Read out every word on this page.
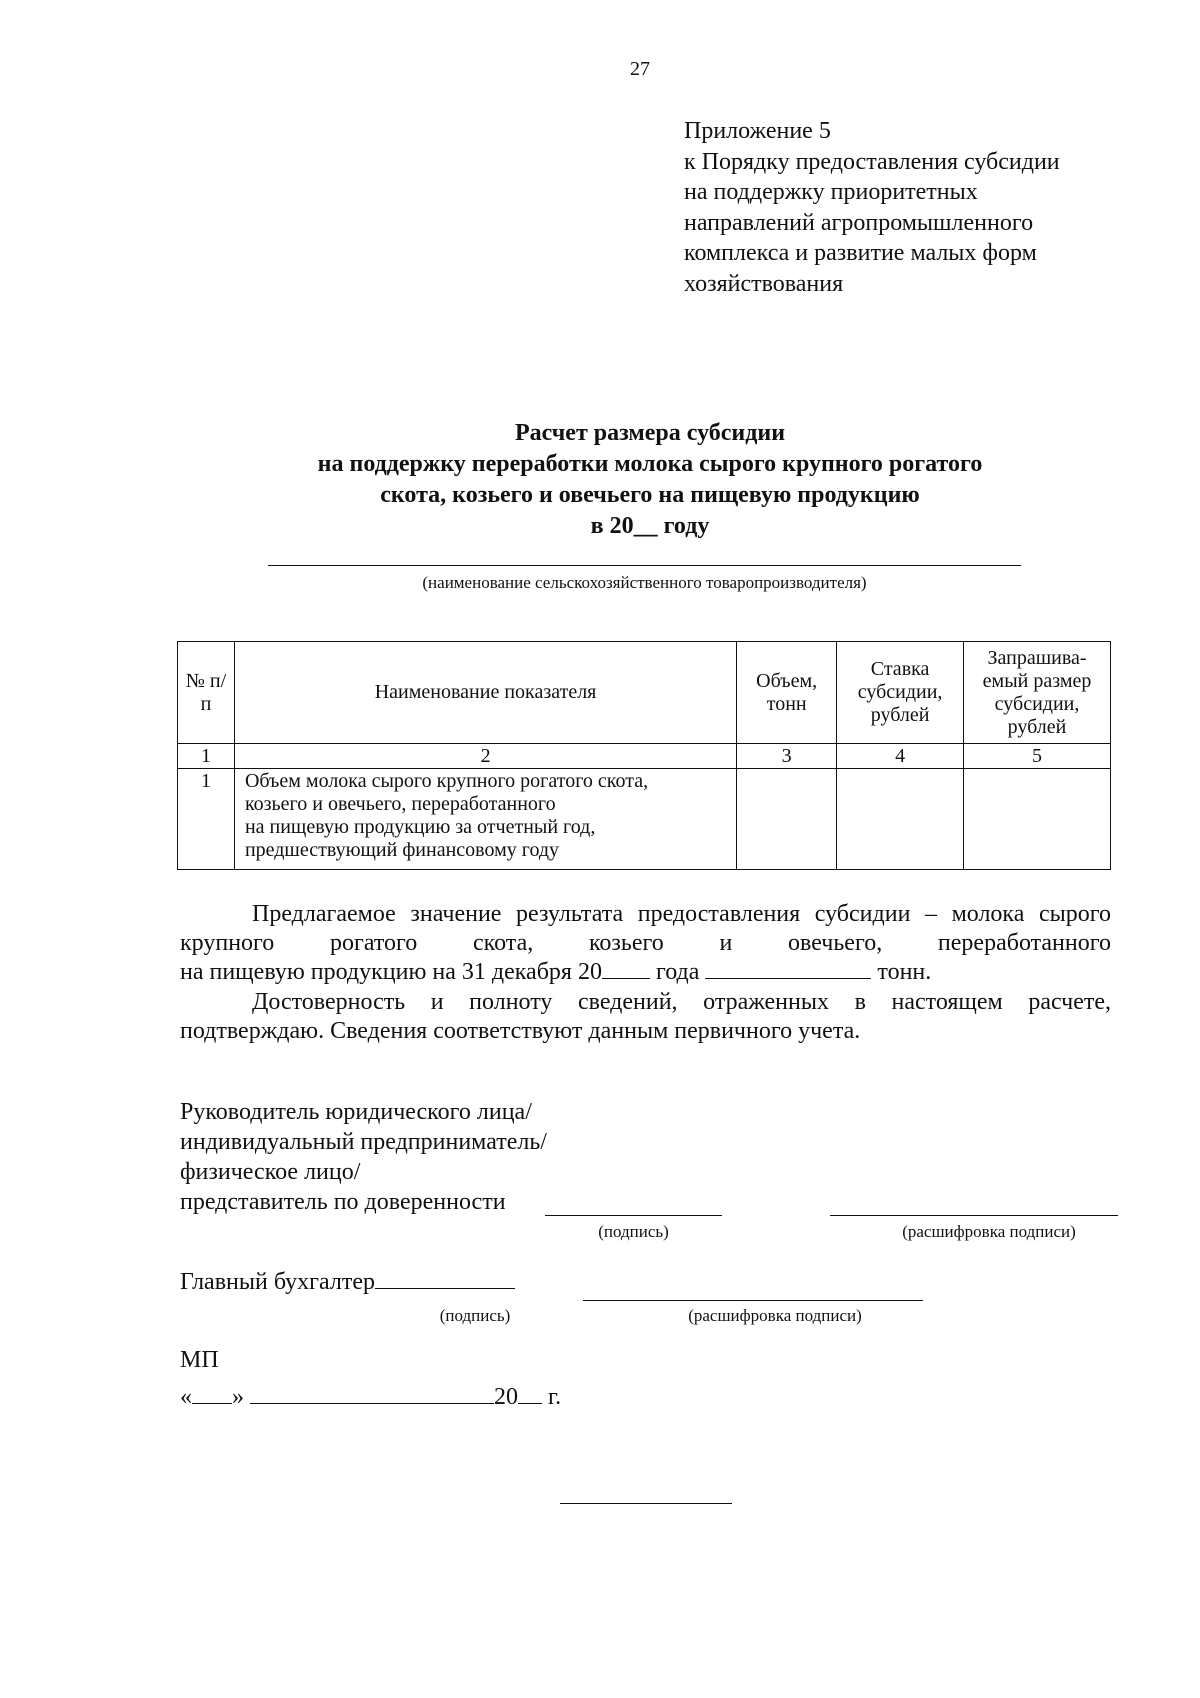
27
Приложение 5
к Порядку предоставления субсидии
на поддержку приоритетных
направлений агропромышленного
комплекса и развитие малых форм
хозяйствования
Расчет размера субсидии
на поддержку переработки молока сырого крупного рогатого
скота, козьего и овечьего на пищевую продукцию
в 20__ году
(наименование сельскохозяйственного товаропроизводителя)
№ п/п	Наименование показателя	Объем, тонн	Ставка субсидии, рублей	Запрашива-емый размер субсидии, рублей
1	2	3	4	5
1	Объем молока сырого крупного рогатого скота,
козьего и овечьего, переработанного
на пищевую продукцию за отчетный год,
предшествующий финансовому году			

Предлагаемое значение результата предоставления субсидии – молока сырого
крупного рогатого скота, козьего и овечьего, переработанного
на пищевую продукцию на 31 декабря 20 года	тонн.
Достоверность и полноту сведений, отраженных в настоящем расчете,
подтверждаю. Сведения соответствуют данным первичного учета.
Руководитель юридического лица/
индивидуальный предприниматель/
физическое лицо/
представитель по доверенности
(подпись)	(расшифровка подписи)
Главный бухгалтер
(подпись)	(расшифровка подписи)
МП
« »	20 г.
